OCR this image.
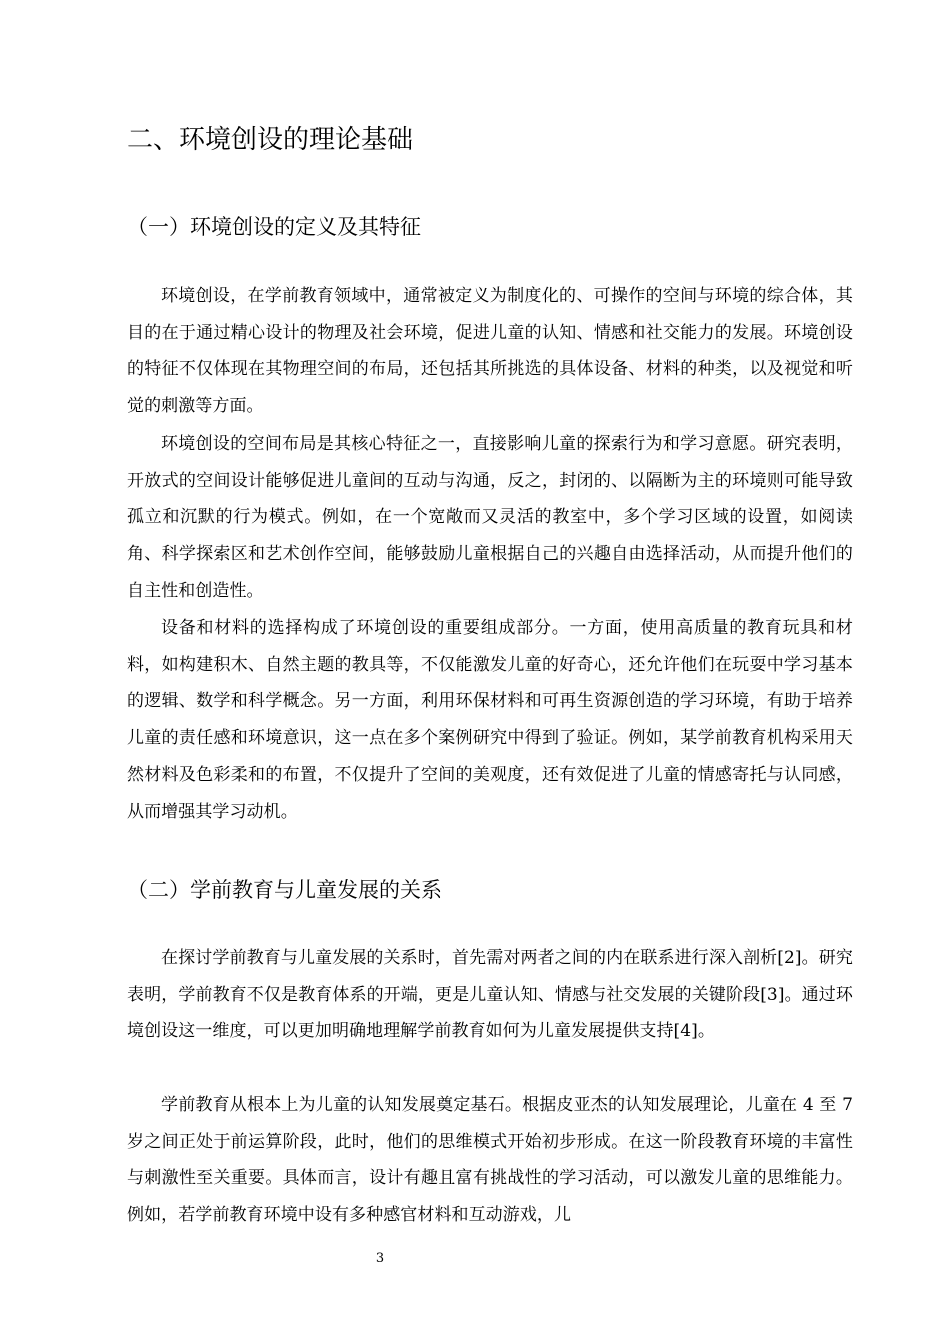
二、环境创设的理论基础
（一）环境创设的定义及其特征

环境创设，在学前教育领域中，通常被定义为制度化的、可操作的空间与环境的综合体，其目的在于通过精心设计的物理及社会环境，促进儿童的认知、情感和社交能力的发展。环境创设的特征不仅体现在其物理空间的布局，还包括其所挑选的具体设备、材料的种类，以及视觉和听觉的刺激等方面。

环境创设的空间布局是其核心特征之一，直接影响儿童的探索行为和学习意愿。研究表明，开放式的空间设计能够促进儿童间的互动与沟通，反之，封闭的、以隔断为主的环境则可能导致孤立和沉默的行为模式。例如，在一个宽敞而又灵活的教室中，多个学习区域的设置，如阅读角、科学探索区和艺术创作空间，能够鼓励儿童根据自己的兴趣自由选择活动，从而提升他们的自主性和创造性。

设备和材料的选择构成了环境创设的重要组成部分。一方面，使用高质量的教育玩具和材料，如构建积木、自然主题的教具等，不仅能激发儿童的好奇心，还允许他们在玩耍中学习基本的逻辑、数学和科学概念。另一方面，利用环保材料和可再生资源创造的学习环境，有助于培养儿童的责任感和环境意识，这一点在多个案例研究中得到了验证。例如，某学前教育机构采用天然材料及色彩柔和的布置，不仅提升了空间的美观度，还有效促进了儿童的情感寄托与认同感，从而增强其学习动机。

（二）学前教育与儿童发展的关系

在探讨学前教育与儿童发展的关系时，首先需对两者之间的内在联系进行深入剖析[2]。研究表明，学前教育不仅是教育体系的开端，更是儿童认知、情感与社交发展的关键阶段[3]。通过环境创设这一维度，可以更加明确地理解学前教育如何为儿童发展提供支持[4]。

学前教育从根本上为儿童的认知发展奠定基石。根据皮亚杰的认知发展理论，儿童在 4 至 7 岁之间正处于前运算阶段，此时，他们的思维模式开始初步形成。在这一阶段教育环境的丰富性与刺激性至关重要。具体而言，设计有趣且富有挑战性的学习活动，可以激发儿童的思维能力。例如，若学前教育环境中设有多种感官材料和互动游戏，儿

3
